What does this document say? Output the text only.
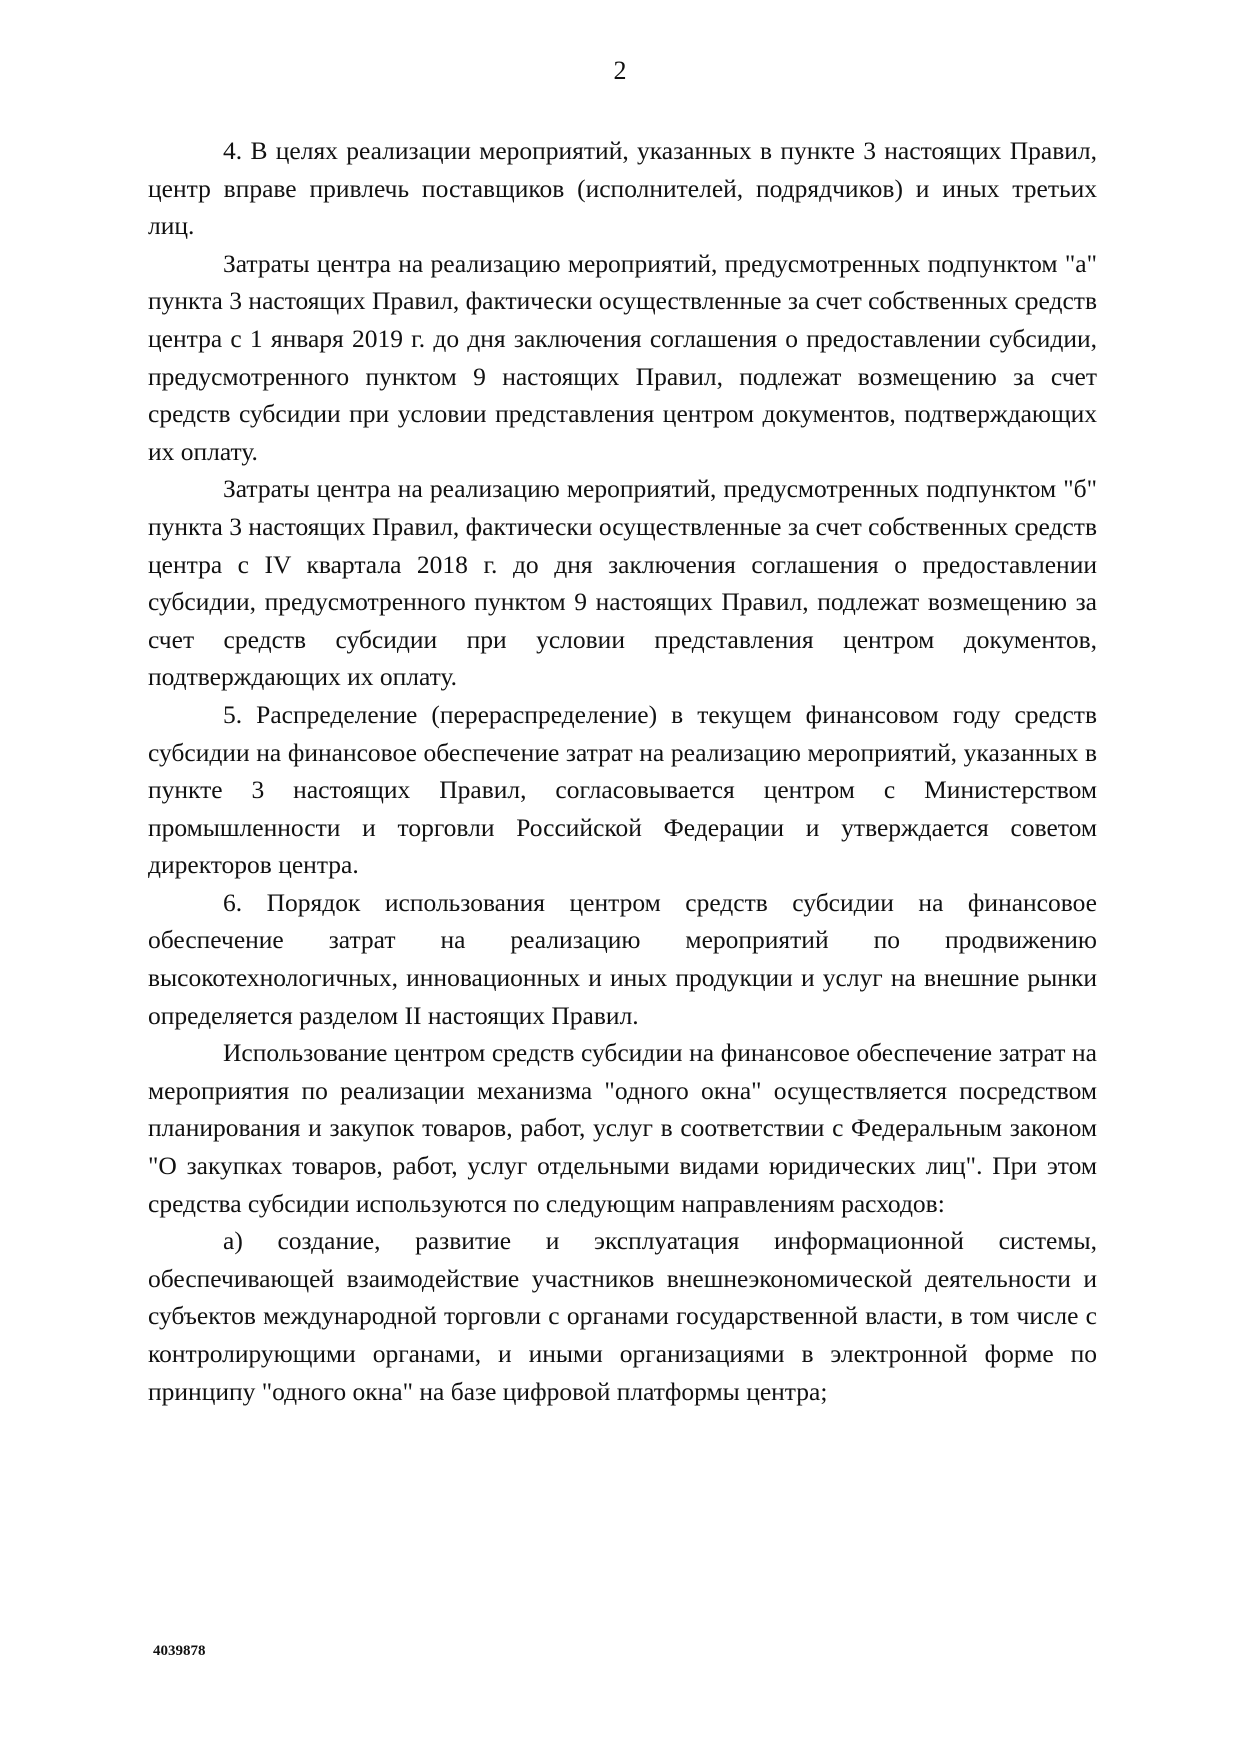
2

4. В целях реализации мероприятий, указанных в пункте 3 настоящих Правил, центр вправе привлечь поставщиков (исполнителей, подрядчиков) и иных третьих лиц.

Затраты центра на реализацию мероприятий, предусмотренных подпунктом "а" пункта 3 настоящих Правил, фактически осуществленные за счет собственных средств центра с 1 января 2019 г. до дня заключения соглашения о предоставлении субсидии, предусмотренного пунктом 9 настоящих Правил, подлежат возмещению за счет средств субсидии при условии представления центром документов, подтверждающих их оплату.

Затраты центра на реализацию мероприятий, предусмотренных подпунктом "б" пункта 3 настоящих Правил, фактически осуществленные за счет собственных средств центра с IV квартала 2018 г. до дня заключения соглашения о предоставлении субсидии, предусмотренного пунктом 9 настоящих Правил, подлежат возмещению за счет средств субсидии при условии представления центром документов, подтверждающих их оплату.

5. Распределение (перераспределение) в текущем финансовом году средств субсидии на финансовое обеспечение затрат на реализацию мероприятий, указанных в пункте 3 настоящих Правил, согласовывается центром с Министерством промышленности и торговли Российской Федерации и утверждается советом директоров центра.

6. Порядок использования центром средств субсидии на финансовое обеспечение затрат на реализацию мероприятий по продвижению высокотехнологичных, инновационных и иных продукции и услуг на внешние рынки определяется разделом II настоящих Правил.

Использование центром средств субсидии на финансовое обеспечение затрат на мероприятия по реализации механизма "одного окна" осуществляется посредством планирования и закупок товаров, работ, услуг в соответствии с Федеральным законом "О закупках товаров, работ, услуг отдельными видами юридических лиц". При этом средства субсидии используются по следующим направлениям расходов:

а) создание, развитие и эксплуатация информационной системы, обеспечивающей взаимодействие участников внешнеэкономической деятельности и субъектов международной торговли с органами государственной власти, в том числе с контролирующими органами, и иными организациями в электронной форме по принципу "одного окна" на базе цифровой платформы центра;

4039878
